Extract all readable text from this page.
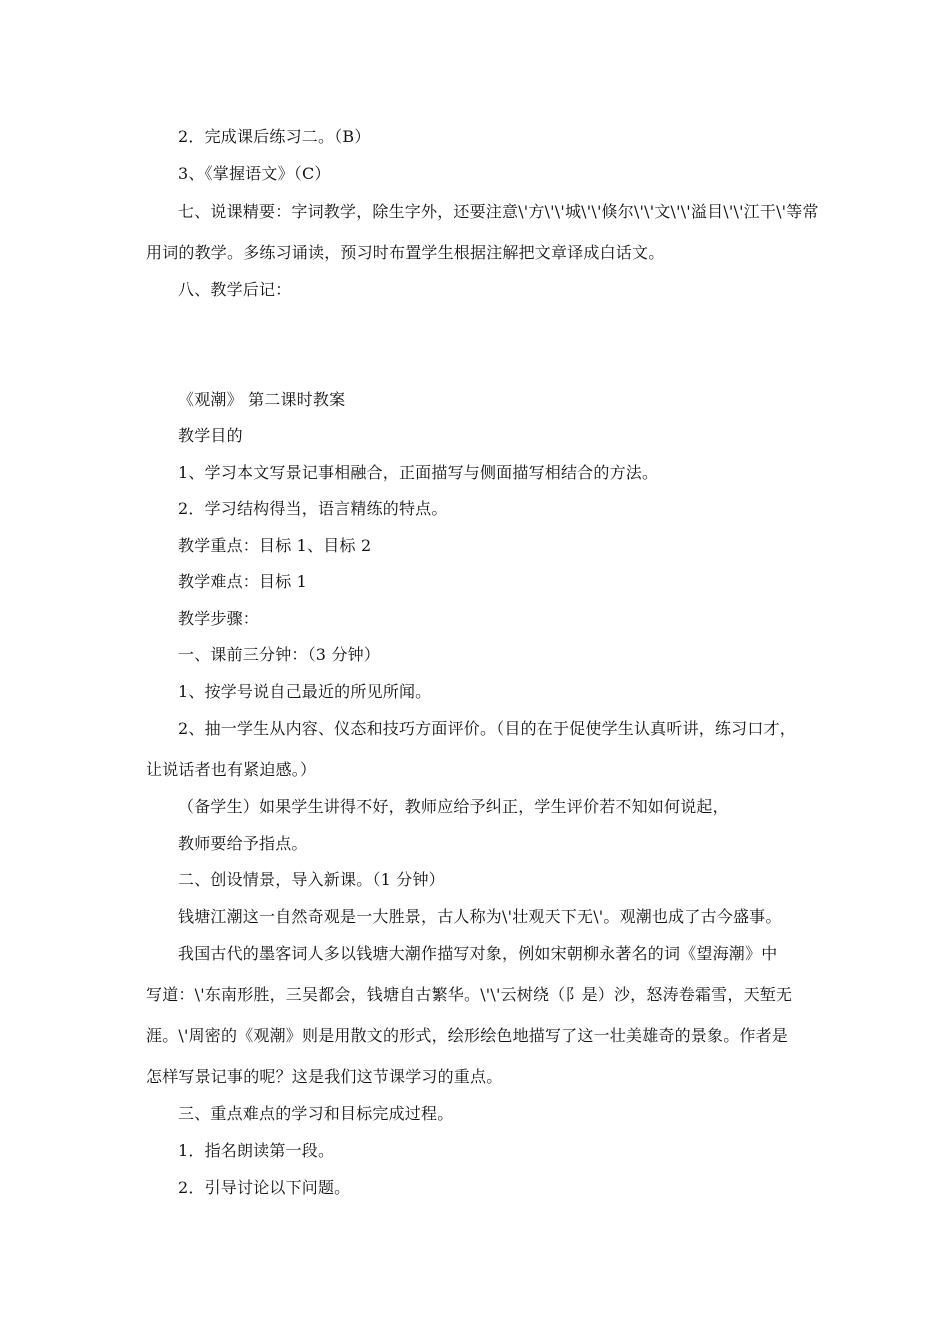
2．完成课后练习二。（B）
3、《掌握语文》（C）
七、说课精要：字词教学，除生字外，还要注意\'方\'\'城\'\'倏尔\'\'文\'\'溢目\'\'江干\'等常
用词的教学。多练习诵读，预习时布置学生根据注解把文章译成白话文。
八、教学后记：
《观潮》 第二课时教案
教学目的
1、学习本文写景记事相融合，正面描写与侧面描写相结合的方法。
2．学习结构得当，语言精练的特点。
教学重点：目标 1、目标 2
教学难点：目标 1
教学步骤：
一、课前三分钟：（3 分钟）
1、按学号说自己最近的所见所闻。
2、抽一学生从内容、仪态和技巧方面评价。（目的在于促使学生认真听讲，练习口才，
让说话者也有紧迫感。）
（备学生）如果学生讲得不好，教师应给予纠正，学生评价若不知如何说起，
教师要给予指点。
二、创设情景，导入新课。（1 分钟）
钱塘江潮这一自然奇观是一大胜景，古人称为\'壮观天下无\'。观潮也成了古今盛事。
我国古代的墨客词人多以钱塘大潮作描写对象，例如宋朝柳永著名的词《望海潮》中
写道：\'东南形胜，三吴都会，钱塘自古繁华。\'\'云树绕（阝是）沙，怒涛卷霜雪，天堑无
涯。\'周密的《观潮》则是用散文的形式，绘形绘色地描写了这一壮美雄奇的景象。作者是
怎样写景记事的呢？这是我们这节课学习的重点。
三、重点难点的学习和目标完成过程。
1．指名朗读第一段。
2．引导讨论以下问题。
